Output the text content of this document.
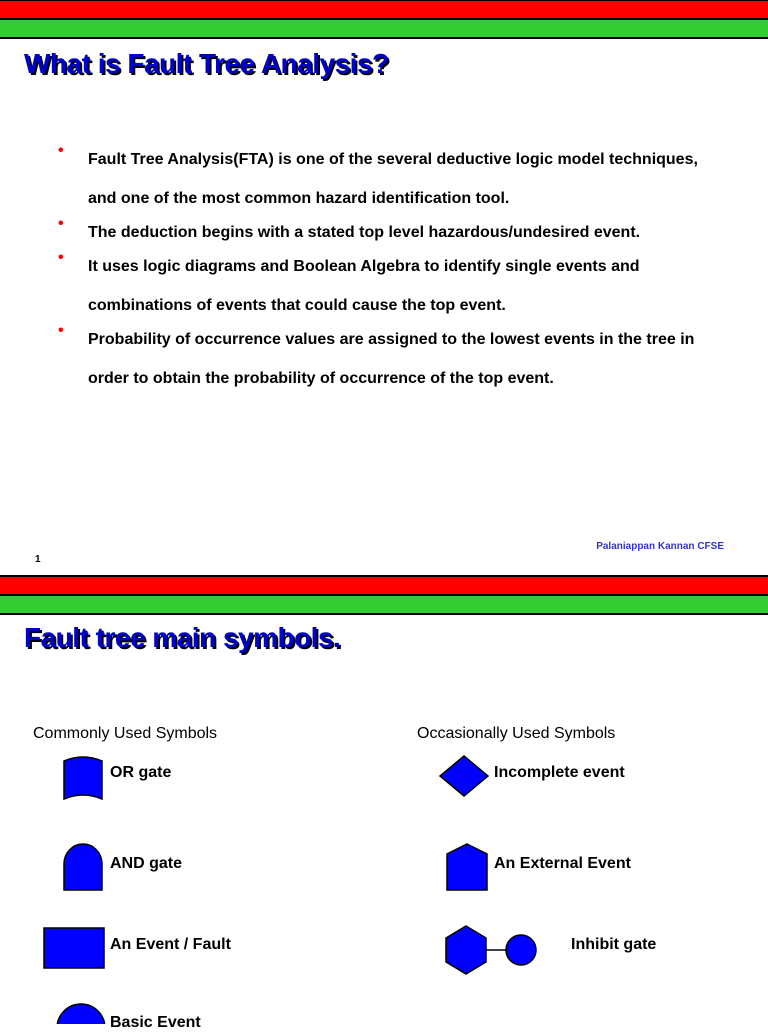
What is Fault Tree Analysis?
•
Fault Tree Analysis(FTA) is one of the several deductive logic model techniques, and one of the most common hazard identification tool.
•
The deduction begins with a stated top level hazardous/undesired event.
•
It uses logic diagrams and Boolean Algebra to identify single events and combinations of events that could cause the top event.
•
Probability of occurrence values are assigned to the lowest events in the tree in order to obtain the probability of occurrence of the top event.
Palaniappan Kannan CFSE
1
Fault tree main symbols.
Commonly Used Symbols	Occasionally Used Symbols
OR gate
AND gate
An Event / Fault
Basic Event
Incomplete event
An External Event
Inhibit gate
